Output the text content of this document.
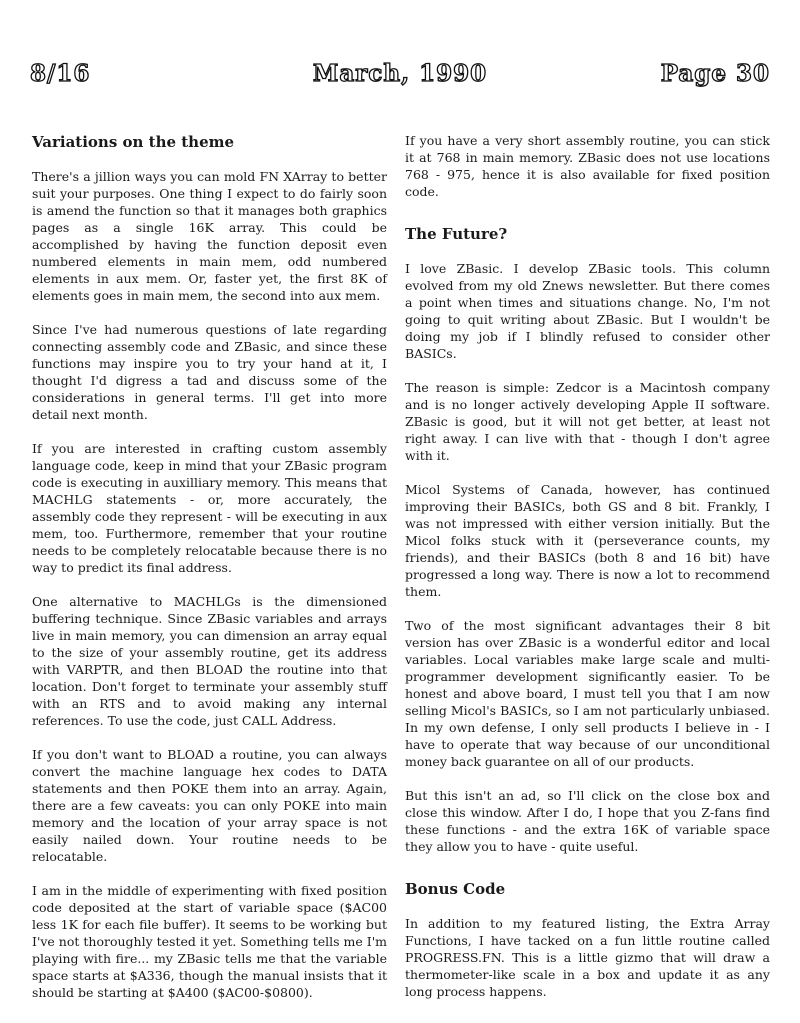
March, 1990
8/16	Page 30
Variations on the theme

There's a jillion ways you can mold FN XArray to better suit your purposes. One thing I expect to do fairly soon is amend the function so that it manages both graphics pages as a single 16K array. This could be accomplished by having the function deposit even numbered elements in main mem, odd numbered elements in aux mem. Or, faster yet, the first 8K of elements goes in main mem, the second into aux mem.

Since I've had numerous questions of late regarding connecting assembly code and ZBasic, and since these functions may inspire you to try your hand at it, I thought I'd digress a tad and discuss some of the considerations in general terms. I'll get into more detail next month.

If you are interested in crafting custom assembly language code, keep in mind that your ZBasic program code is executing in auxilliary memory. This means that MACHLG statements - or, more accurately, the assembly code they represent - will be executing in aux mem, too. Furthermore, remember that your routine needs to be completely relocatable because there is no way to predict its final address.

One alternative to MACHLGs is the dimensioned buffering technique. Since ZBasic variables and arrays live in main memory, you can dimension an array equal to the size of your assembly routine, get its address with VARPTR, and then BLOAD the routine into that location. Don't forget to terminate your assembly stuff with an RTS and to avoid making any internal references. To use the code, just CALL Address.

If you don't want to BLOAD a routine, you can always convert the machine language hex codes to DATA statements and then POKE them into an array. Again, there are a few caveats: you can only POKE into main memory and the location of your array space is not easily nailed down. Your routine needs to be relocatable.

I am in the middle of experimenting with fixed position code deposited at the start of variable space ($AC00 less 1K for each file buffer). It seems to be working but I've not thoroughly tested it yet. Something tells me I'm playing with fire... my ZBasic tells me that the variable space starts at $A336, though the manual insists that it should be starting at $A400 ($AC00-$0800).

If you have a very short assembly routine, you can stick it at 768 in main memory. ZBasic does not use locations 768 - 975, hence it is also available for fixed position code.

The Future?

I love ZBasic. I develop ZBasic tools. This column evolved from my old Znews newsletter. But there comes a point when times and situations change. No, I'm not going to quit writing about ZBasic. But I wouldn't be doing my job if I blindly refused to consider other BASICs.

The reason is simple: Zedcor is a Macintosh company and is no longer actively developing Apple II software. ZBasic is good, but it will not get better, at least not right away. I can live with that - though I don't agree with it.

Micol Systems of Canada, however, has continued improving their BASICs, both GS and 8 bit. Frankly, I was not impressed with either version initially. But the Micol folks stuck with it (perseverance counts, my friends), and their BASICs (both 8 and 16 bit) have progressed a long way. There is now a lot to recommend them.

Two of the most significant advantages their 8 bit version has over ZBasic is a wonderful editor and local variables. Local variables make large scale and multi-programmer development significantly easier. To be honest and above board, I must tell you that I am now selling Micol's BASICs, so I am not particularly unbiased. In my own defense, I only sell products I believe in - I have to operate that way because of our unconditional money back guarantee on all of our products.

But this isn't an ad, so I'll click on the close box and close this window. After I do, I hope that you Z-fans find these functions - and the extra 16K of variable space they allow you to have - quite useful.

Bonus Code

In addition to my featured listing, the Extra Array Functions, I have tacked on a fun little routine called PROGRESS.FN. This is a little gizmo that will draw a thermometer-like scale in a box and update it as any long process happens.
